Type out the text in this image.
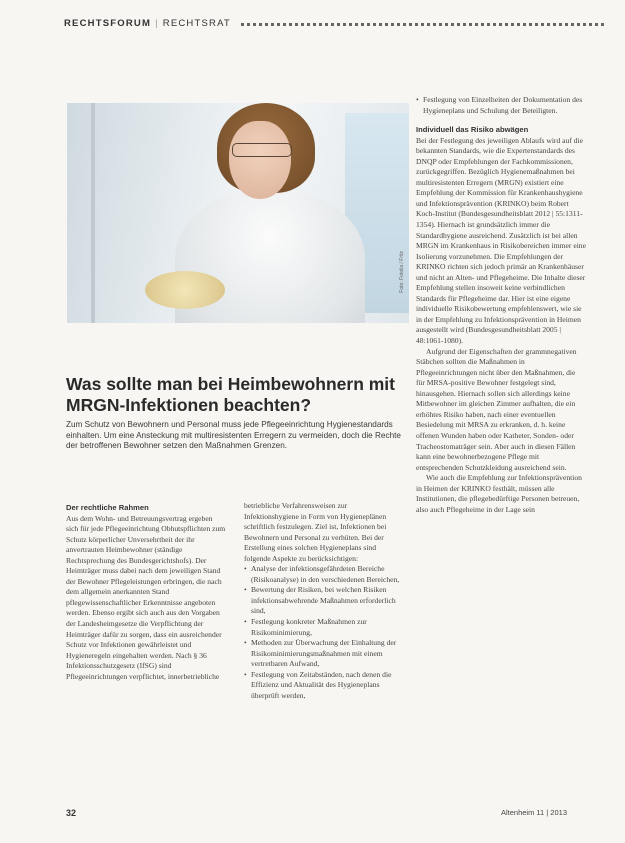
RECHTSFORUM | RECHTSRAT
Foto: Fotolia / Fritz
Was sollte man bei Heimbewohnern mit MRGN-Infektionen beachten?
Zum Schutz von Bewohnern und Personal muss jede Pflegeeinrichtung Hygienestandards einhalten. Um eine Ansteckung mit multiresistenten Erregern zu vermeiden, doch die Rechte der betroffenen Bewohner setzen den Maßnahmen Grenzen.

Der rechtliche Rahmen

Aus dem Wohn- und Betreuungsvertrag ergeben sich für jede Pflegeeinrichtung Obhutspflichten zum Schutz körperlicher Unversehrtheit der ihr anvertrauten Heimbewohner (ständige Rechtsprechung des Bundesgerichtshofs). Der Heimträger muss dabei nach dem jeweiligen Stand der Bewohner Pflegeleistungen erbringen, die nach dem allgemein anerkannten Stand pflegewissenschaftlicher Erkenntnisse angeboten werden. Ebenso ergibt sich auch aus den Vorgaben der Landesheimgesetze die Verpflichtung der Heimträger dafür zu sorgen, dass ein ausreichender Schutz vor Infektionen gewährleistet und Hygieneregeln eingehalten werden. Nach § 36 Infektionsschutzgesetz (IfSG) sind Pflegeeinrichtungen verpflichtet, innerbetriebliche

betriebliche Verfahrensweisen zur Infektionshygiene in Form von Hygieneplänen schriftlich festzulegen. Ziel ist, Infektionen bei Bewohnern und Personal zu verhüten. Bei der Erstellung eines solchen Hygieneplans sind folgende Aspekte zu berücksichtigen:

• Analyse der infektionsgefährdeten Bereiche (Risikoanalyse) in den verschiedenen Bereichen,
• Bewertung der Risiken, bei welchen Risiken infektionsabwehrende Maßnahmen erforderlich sind,
• Festlegung konkreter Maßnahmen zur Risikominimierung,
• Methoden zur Überwachung der Einhaltung der Risikominimierungsmaßnahmen mit einem vertretbaren Aufwand,
• Festlegung von Zeitabständen, nach denen die Effizienz und Aktualität des Hygieneplans überprüft werden,
• Festlegung von Einzelheiten der Dokumentation des Hygieneplans und Schulung der Beteiligten.

Individuell das Risiko abwägen

Bei der Festlegung des jeweiligen Ablaufs wird auf die bekannten Standards, wie die Expertenstandards des DNQP oder Empfehlungen der Fachkommissionen, zurückgegriffen. Bezüglich Hygienemaßnahmen bei multiresistenten Erregern (MRGN) existiert eine Empfehlung der Kommission für Krankenhaushygiene und Infektionsprävention (KRINKO) beim Robert Koch-Institut (Bundesgesundheitsblatt 2012 | 55:1311-1354). Hiernach ist grundsätzlich immer die Standardhygiene ausreichend. Zusätzlich ist bei allen MRGN im Krankenhaus in Risikobereichen immer eine Isolierung vorzunehmen. Die Empfehlungen der KRINKO richten sich jedoch primär an Krankenhäuser und nicht an Alten- und Pflegeheime. Die Inhalte dieser Empfehlung stellen insoweit keine verbindlichen Standards für Pflegeheime dar. Hier ist eine eigene individuelle Risikobewertung empfehlenswert, wie sie in der Empfehlung zu Infektionsprävention in Heimen ausgestellt wird (Bundesgesundheitsblatt 2005 | 48:1061-1080).

Aufgrund der Eigenschaften der grammnegativen Stäbchen sollten die Maßnahmen in Pflegeeinrichtungen nicht über den Maßnahmen, die für MRSA-positive Bewohner festgelegt sind, hinausgehen. Hiernach sollen sich allerdings keine Mitbewohner im gleichen Zimmer aufhalten, die ein erhöhtes Risiko haben, nach einer eventuellen Besiedelung mit MRSA zu erkranken, d. h. keine offenen Wunden haben oder Katheter, Sonden- oder Tracheostomaträger sein. Aber auch in diesen Fällen kann eine bewohnerbezogene Pflege mit entsprechenden Schutzkleidung ausreichend sein.

Wie auch die Empfehlung zur Infektionsprävention in Heimen der KRINKO festhält, müssen alle Institutionen, die pflegebedürftige Personen betreuen, also auch Pflegeheime in der Lage sein

32	Altenheim 11 | 2013
